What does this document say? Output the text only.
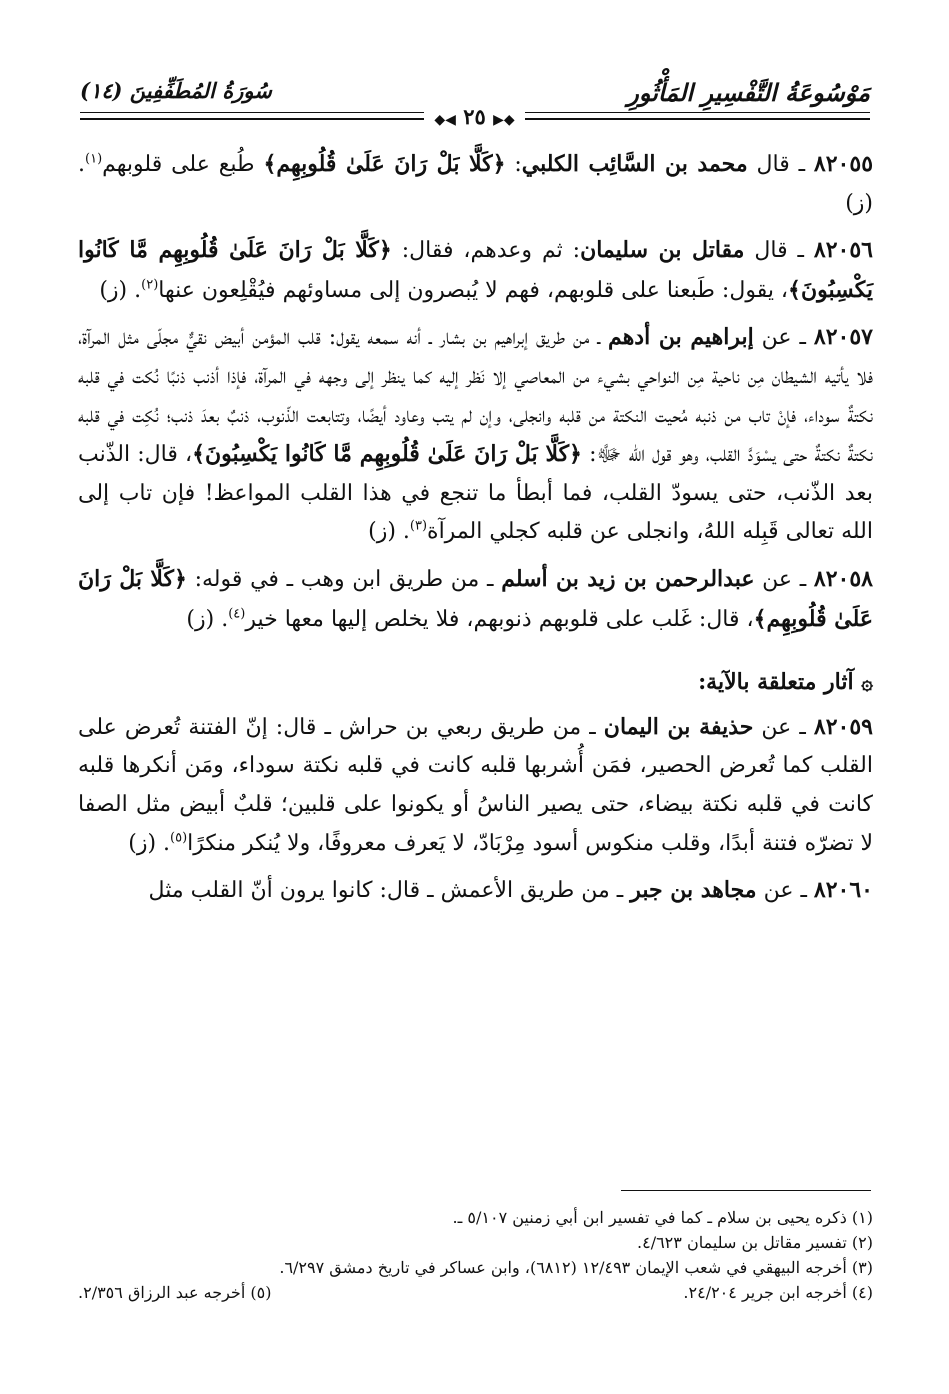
مَوْسُوعَةُ التَّفْسِيرِ المَأْثُورِ
سُورَةُ المُطَفِّفِينَ (١٤)
◆◀ ٢٥ ▶◆

٨٢٠٥٥ ـ قال محمد بن السَّائِب الكلبي: ﴿كَلَّا بَلْ رَانَ عَلَىٰ قُلُوبِهِم﴾ طُبع على قلوبهم$^{(١)}$. (ز)

٨٢٠٥٦ ـ قال مقاتل بن سليمان: ثم وعدهم، فقال: ﴿كَلَّا بَلْ رَانَ عَلَىٰ قُلُوبِهِم مَّا كَانُوا يَكْسِبُونَ﴾، يقول: طَبعنا على قلوبهم، فهم لا يُبصرون إلى مساوئهم فيُقْلِعون عنها$^{(٢)}$. (ز)

٨٢٠٥٧ ـ عن إبراهيم بن أدهم ـ من طريق إبراهيم بن بشار ـ أنه سمعه يقول: قلب المؤمن أبيض نقيٌّ مجلّى مثل المرآة، فلا يأتيه الشيطان مِن ناحية مِن النواحي بشيء من المعاصي إلا نَظر إليه كما ينظر إلى وجهه في المرآة، فإذا أذنب ذنبًا نُكت في قلبه نكتةٌ سوداء، فإنْ تاب من ذنبه مُحيت النكتة من قلبه وانجلى، وإن لم يتب وعاود أيضًا، وتتابعت الذّنوب، ذنبٌ بعدَ ذنب؛ نُكِت في قلبه نكتةٌ نكتةٌ حتى يسْوَدَّ القلب، وهو قول الله ﷻ: ﴿كَلَّا بَلْ رَانَ عَلَىٰ قُلُوبِهِم مَّا كَانُوا يَكْسِبُونَ﴾، قال: الذّنب بعد الذّنب، حتى يسودّ القلب، فما أبطأ ما تنجع في هذا القلب المواعظ! فإن تاب إلى الله تعالى قَبِله اللهُ، وانجلى عن قلبه كجلي المرآة$^{(٣)}$. (ز)

٨٢٠٥٨ ـ عن عبدالرحمن بن زيد بن أسلم ـ من طريق ابن وهب ـ في قوله: ﴿كَلَّا بَلْ رَانَ عَلَىٰ قُلُوبِهِم﴾، قال: غَلب على قلوبهم ذنوبهم، فلا يخلص إليها معها خير$^{(٤)}$. (ز)

۞ آثار متعلقة بالآية:

٨٢٠٥٩ ـ عن حذيفة بن اليمان ـ من طريق ربعي بن حراش ـ قال: إنّ الفتنة تُعرض على القلب كما تُعرض الحصير، فمَن أُشربها قلبه كانت في قلبه نكتة سوداء، ومَن أنكرها قلبه كانت في قلبه نكتة بيضاء، حتى يصير الناسُ أو يكونوا على قلبين؛ قلبٌ أبيض مثل الصفا لا تضرّه فتنة أبدًا، وقلب منكوس أسود مِرْبَادّ، لا يَعرف معروفًا، ولا يُنكر منكرًا$^{(٥)}$. (ز)

٨٢٠٦٠ ـ عن مجاهد بن جبر ـ من طريق الأعمش ـ قال: كانوا يرون أنّ القلب مثل

(١) ذكره يحيى بن سلام ـ كما في تفسير ابن أبي زمنين ٥/١٠٧ ـ.
(٢) تفسير مقاتل بن سليمان ٤/٦٢٣.
(٣) أخرجه البيهقي في شعب الإيمان ١٢/٤٩٣ (٦٨١٢)، وابن عساكر في تاريخ دمشق ٦/٢٩٧.
(٤) أخرجه ابن جرير ٢٤/٢٠٤.
(٥) أخرجه عبد الرزاق ٢/٣٥٦.
